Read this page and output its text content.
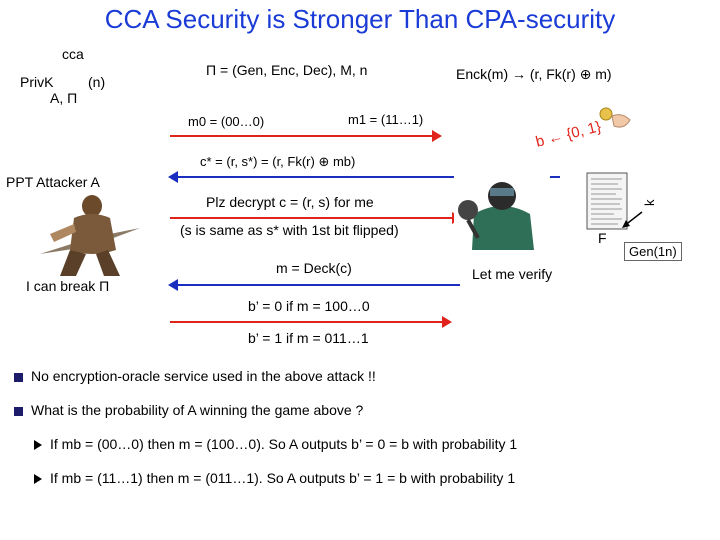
CCA Security is Stronger Than CPA-security
cca
PrivK (n)
A, Π
PPT Attacker A
I can break Π
Π = (Gen, Enc, Dec), M, n	Enck(m) → (r, Fk(r) ⊕ m)
m0 = (00…0)	m1 = (11…1)	b ← {0, 1}
c* = (r, s*) = (r, Fk(r) ⊕ mb)
Plz decrypt c = (r, s) for me
(s is same as s* with 1st bit flipped)	F
k
Gen(1n)
m = Deck(c)	Let me verify
b’ = 0 if m = 100…0
b’ = 1 if m = 011…1
No encryption-oracle service used in the above attack !!
What is the probability of A winning the game above ?
If mb = (00…0) then m = (100…0). So A outputs b’ = 0 = b with probability 1
If mb = (11…1) then m = (011…1). So A outputs b’ = 1 = b with probability 1
